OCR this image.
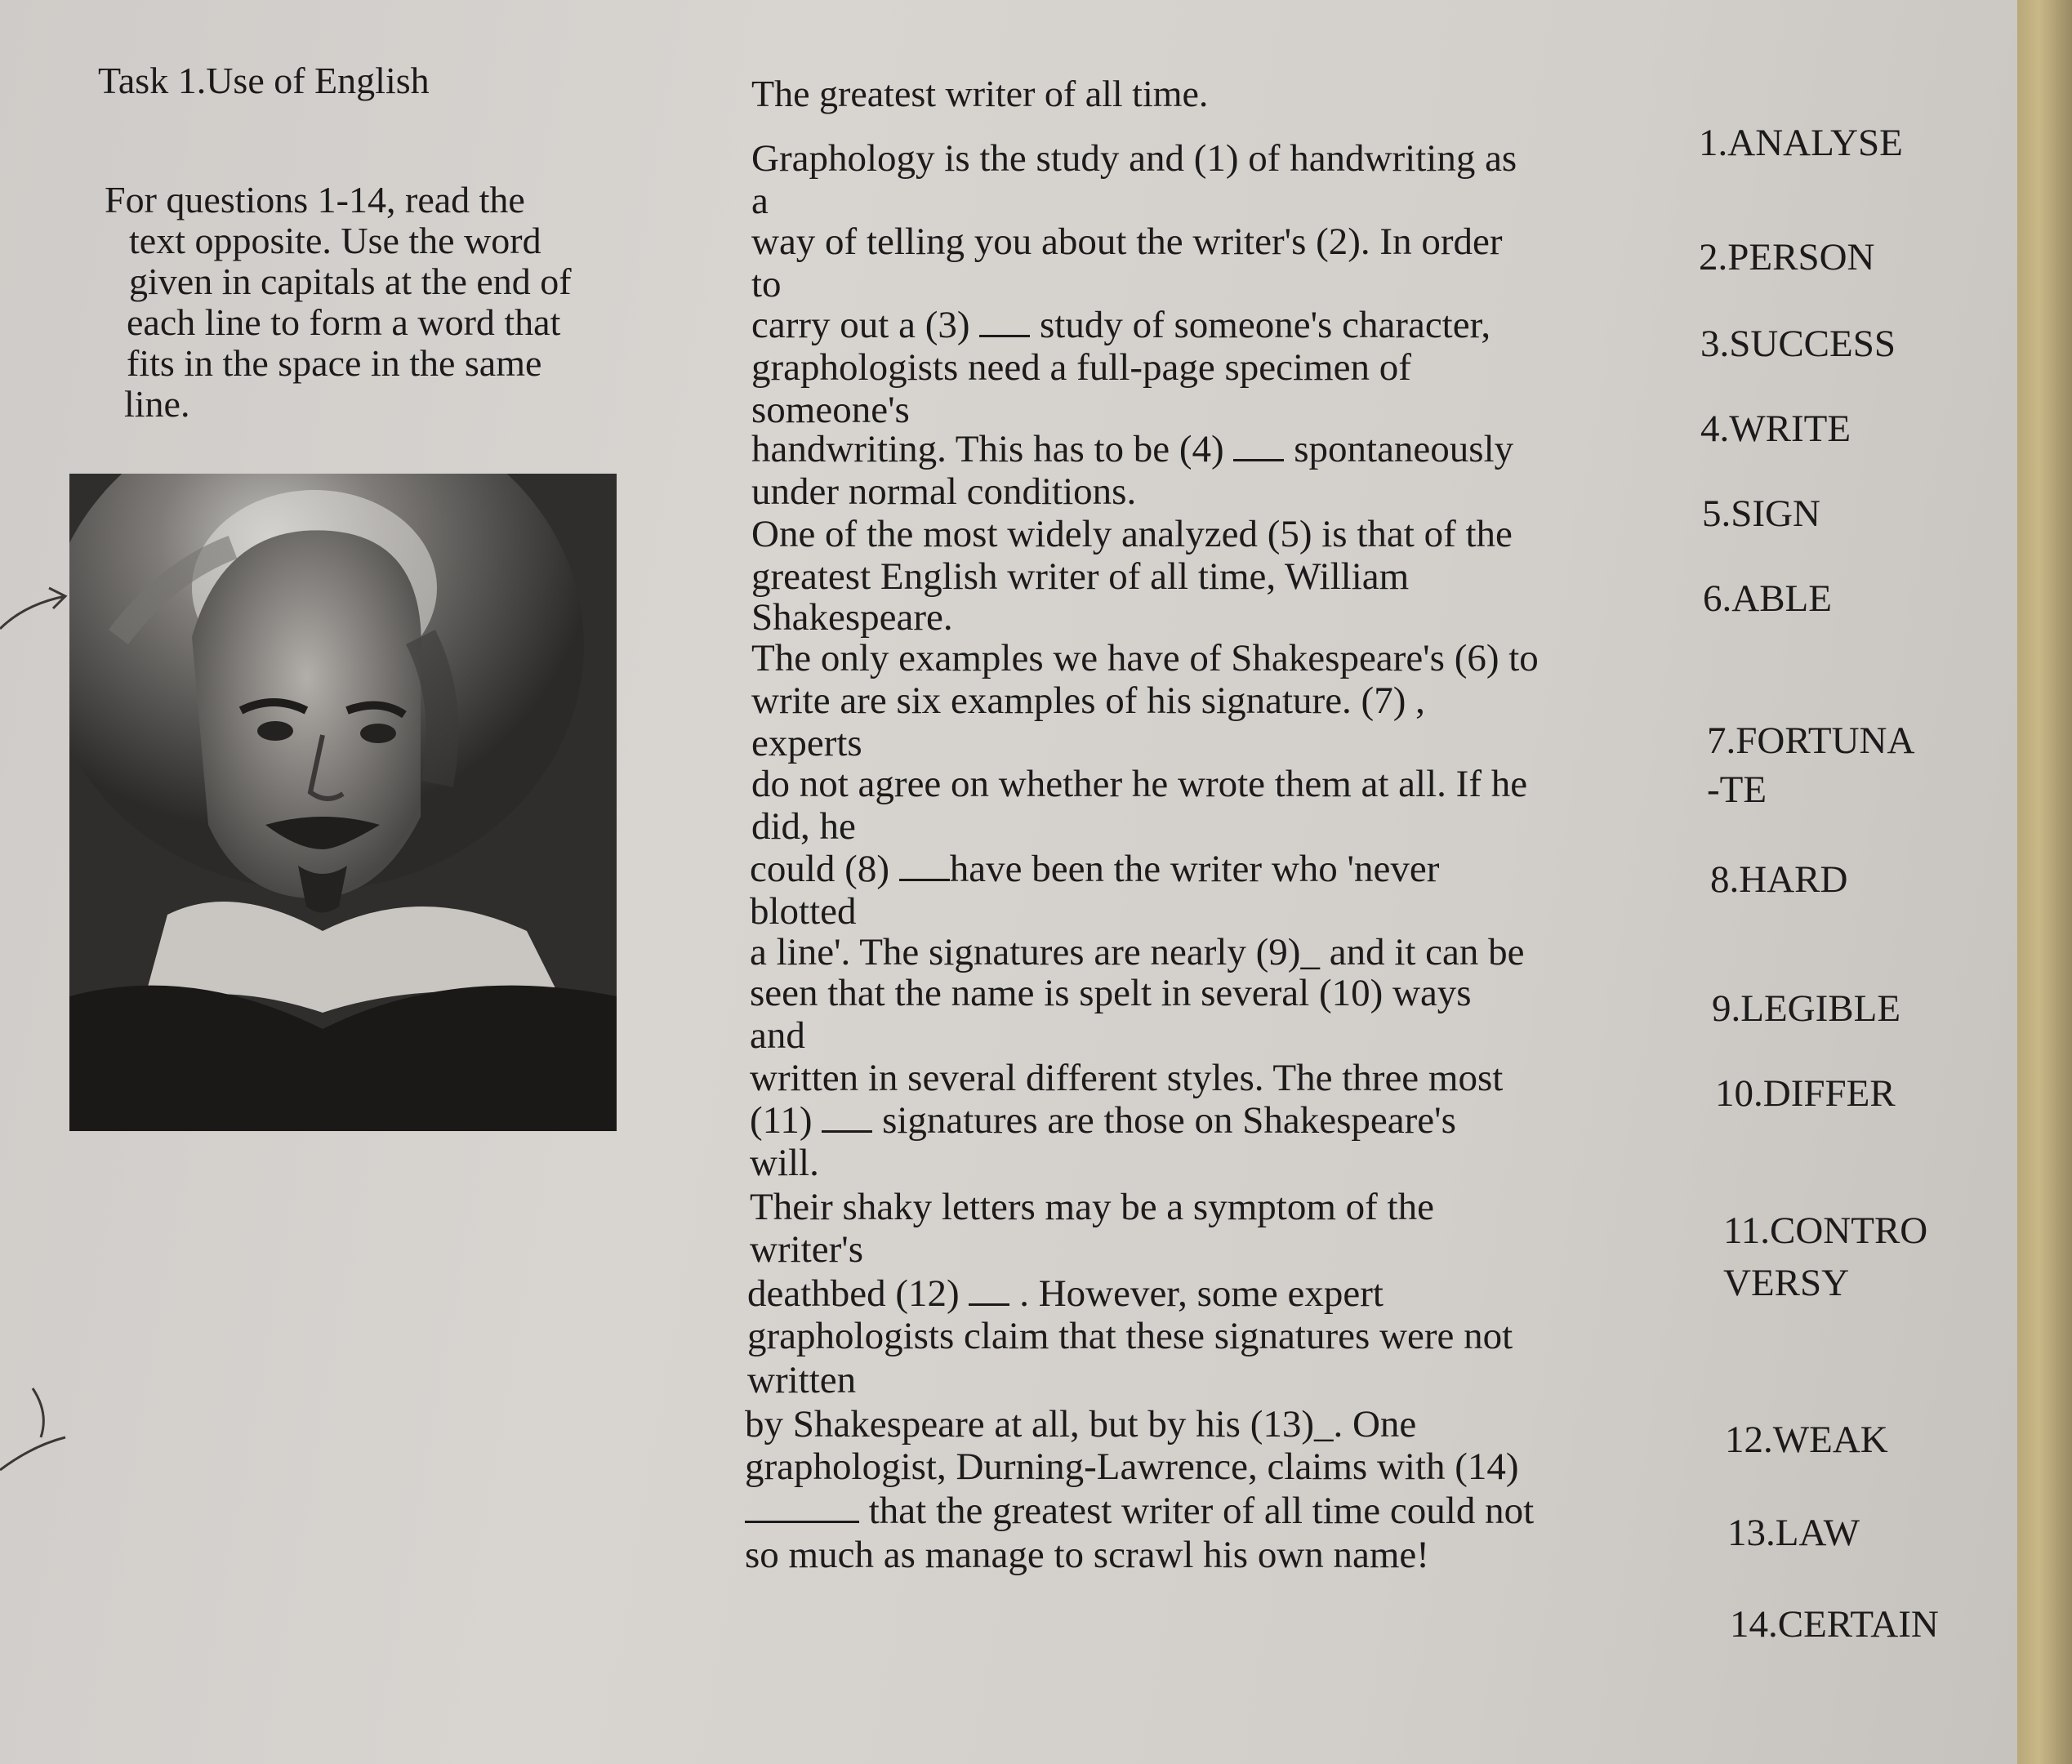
Task 1.Use of English	The greatest writer of all time.
For questions 1-14, read the
text opposite. Use the word
given in capitals at the end of
each line to form a word that
fits in the space in the same
line.
Graphology is the study and (1) of handwriting as
a
way of telling you about the writer's (2). In order
to
carry out a (3)  study of someone's character,
graphologists need a full-page specimen of
someone's
handwriting. This has to be (4)  spontaneously
under normal conditions.
One of the most widely analyzed (5) is that of the
greatest English writer of all time, William
Shakespeare.
The only examples we have of Shakespeare's (6) to
write are six examples of his signature. (7) ,
experts
do not agree on whether he wrote them at all. If he
did, he
could (8) have been the writer who 'never
blotted
a line'. The signatures are nearly (9)_ and it can be
seen that the name is spelt in several (10) ways
and
written in several different styles. The three most
(11)  signatures are those on Shakespeare's
will.
Their shaky letters may be a symptom of the
writer's
deathbed (12)  . However, some expert
graphologists claim that these signatures were not
written
by Shakespeare at all, but by his (13)_. One
graphologist, Durning-Lawrence, claims with (14)
that the greatest writer of all time could not
so much as manage to scrawl his own name!
1.ANALYSE
2.PERSON
3.SUCCESS
4.WRITE
5.SIGN
6.ABLE
7.FORTUNA
-TE
8.HARD
9.LEGIBLE
10.DIFFER
11.CONTRO
VERSY
12.WEAK
13.LAW
14.CERTAIN
